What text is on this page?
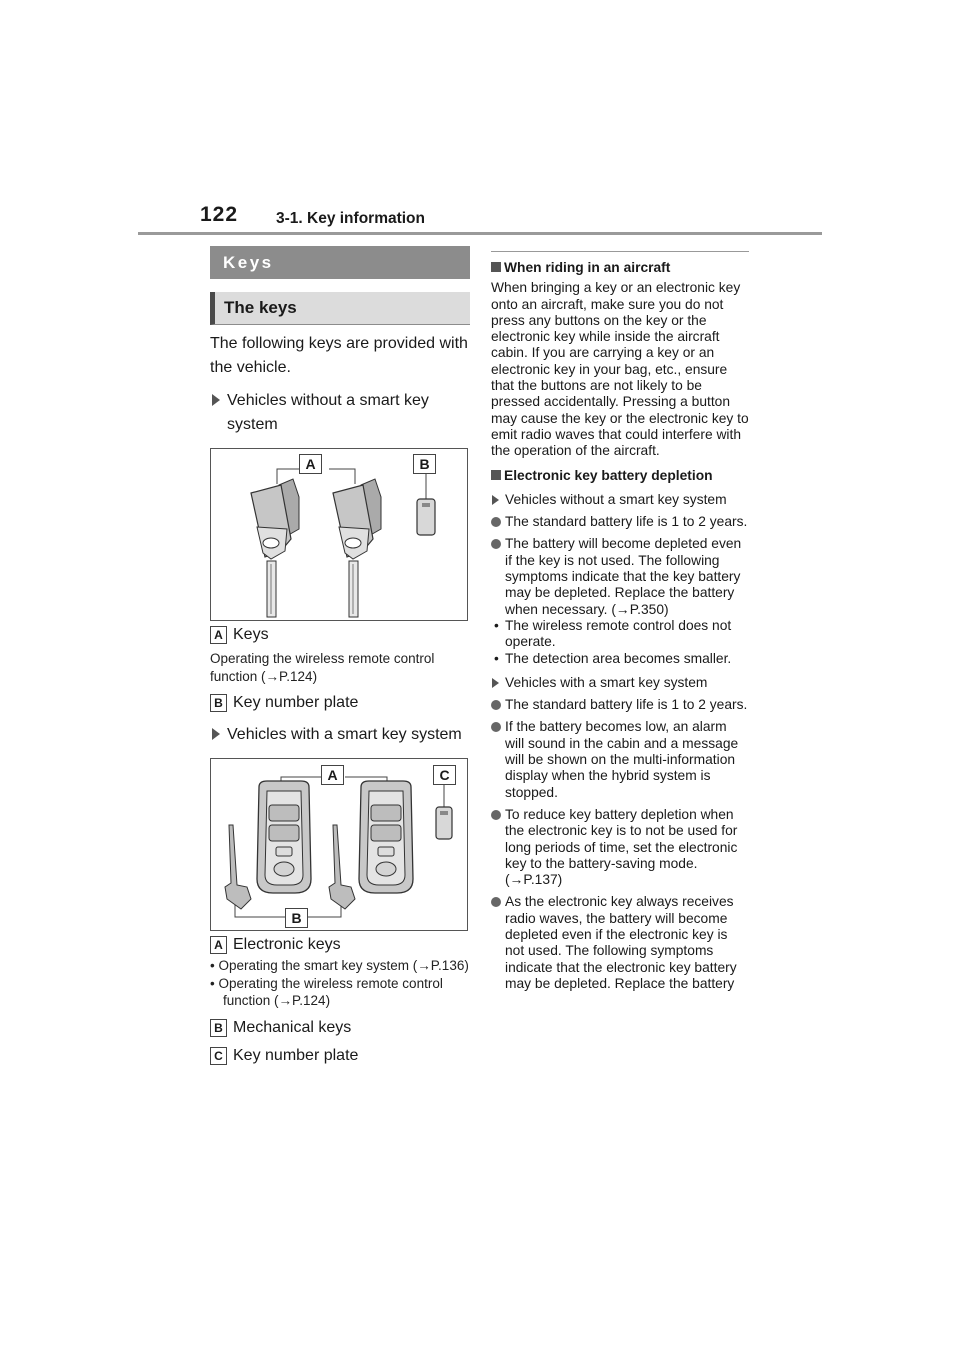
122 3-1. Key information
Keys
The keys
The following keys are provided with the vehicle.
Vehicles without a smart key system
A	B
A Keys
Operating the wireless remote control function (→P.124)
B Key number plate
Vehicles with a smart key system
A	C
B
A Electronic keys
• Operating the smart key system (→P.136)
• Operating the wireless remote control function (→P.124)
B Mechanical keys
C Key number plate
When riding in an aircraft
When bringing a key or an electronic key onto an aircraft, make sure you do not press any buttons on the key or the electronic key while inside the aircraft cabin. If you are carrying a key or an electronic key in your bag, etc., ensure that the buttons are not likely to be pressed accidentally. Pressing a button may cause the key or the electronic key to emit radio waves that could interfere with the operation of the aircraft.
Electronic key battery depletion
Vehicles without a smart key system
The standard battery life is 1 to 2 years.
The battery will become depleted even if the key is not used. The following symptoms indicate that the key battery may be depleted. Replace the battery when necessary. (→P.350)
• The wireless remote control does not operate.
• The detection area becomes smaller.
Vehicles with a smart key system
The standard battery life is 1 to 2 years.
If the battery becomes low, an alarm will sound in the cabin and a message will be shown on the multi-information display when the hybrid system is stopped.
To reduce key battery depletion when the electronic key is to not be used for long periods of time, set the electronic key to the battery-saving mode. (→P.137)
As the electronic key always receives radio waves, the battery will become depleted even if the electronic key is not used. The following symptoms indicate that the electronic key battery may be depleted. Replace the battery
